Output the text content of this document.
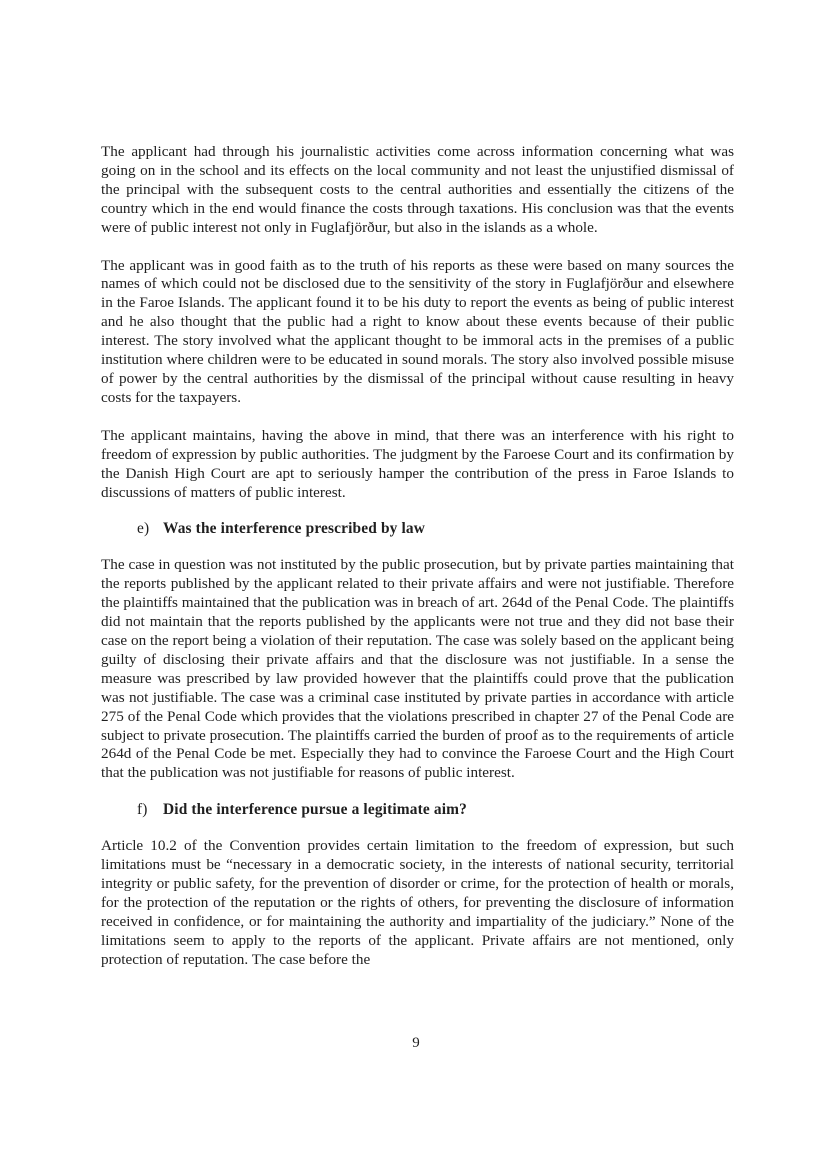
The applicant had through his journalistic activities come across information concerning what was going on in the school and its effects on the local community and not least the unjustified dismissal of the principal with the subsequent costs to the central authorities and essentially the citizens of the country which in the end would finance the costs through taxations. His conclusion was that the events were of public interest not only in Fuglafjörður, but also in the islands as a whole.

The applicant was in good faith as to the truth of his reports as these were based on many sources the names of which could not be disclosed due to the sensitivity of the story in Fuglafjörður and elsewhere in the Faroe Islands. The applicant found it to be his duty to report the events as being of public interest and he also thought that the public had a right to know about these events because of their public interest. The story involved what the applicant thought to be immoral acts in the premises of a public institution where children were to be educated in sound morals. The story also involved possible misuse of power by the central authorities by the dismissal of the principal without cause resulting in heavy costs for the taxpayers.

The applicant maintains, having the above in mind, that there was an interference with his right to freedom of expression by public authorities. The judgment by the Faroese Court and its confirmation by the Danish High Court are apt to seriously hamper the contribution of the press in Faroe Islands to discussions of matters of public interest.

e) Was the interference prescribed by law

The case in question was not instituted by the public prosecution, but by private parties maintaining that the reports published by the applicant related to their private affairs and were not justifiable. Therefore the plaintiffs maintained that the publication was in breach of art. 264d of the Penal Code. The plaintiffs did not maintain that the reports published by the applicants were not true and they did not base their case on the report being a violation of their reputation. The case was solely based on the applicant being guilty of disclosing their private affairs and that the disclosure was not justifiable. In a sense the measure was prescribed by law provided however that the plaintiffs could prove that the publication was not justifiable. The case was a criminal case instituted by private parties in accordance with article 275 of the Penal Code which provides that the violations prescribed in chapter 27 of the Penal Code are subject to private prosecution. The plaintiffs carried the burden of proof as to the requirements of article 264d of the Penal Code be met. Especially they had to convince the Faroese Court and the High Court that the publication was not justifiable for reasons of public interest.

f) Did the interference pursue a legitimate aim?

Article 10.2 of the Convention provides certain limitation to the freedom of expression, but such limitations must be “necessary in a democratic society, in the interests of national security, territorial integrity or public safety, for the prevention of disorder or crime, for the protection of health or morals, for the protection of the reputation or the rights of others, for preventing the disclosure of information received in confidence, or for maintaining the authority and impartiality of the judiciary.” None of the limitations seem to apply to the reports of the applicant. Private affairs are not mentioned, only protection of reputation. The case before the

9
